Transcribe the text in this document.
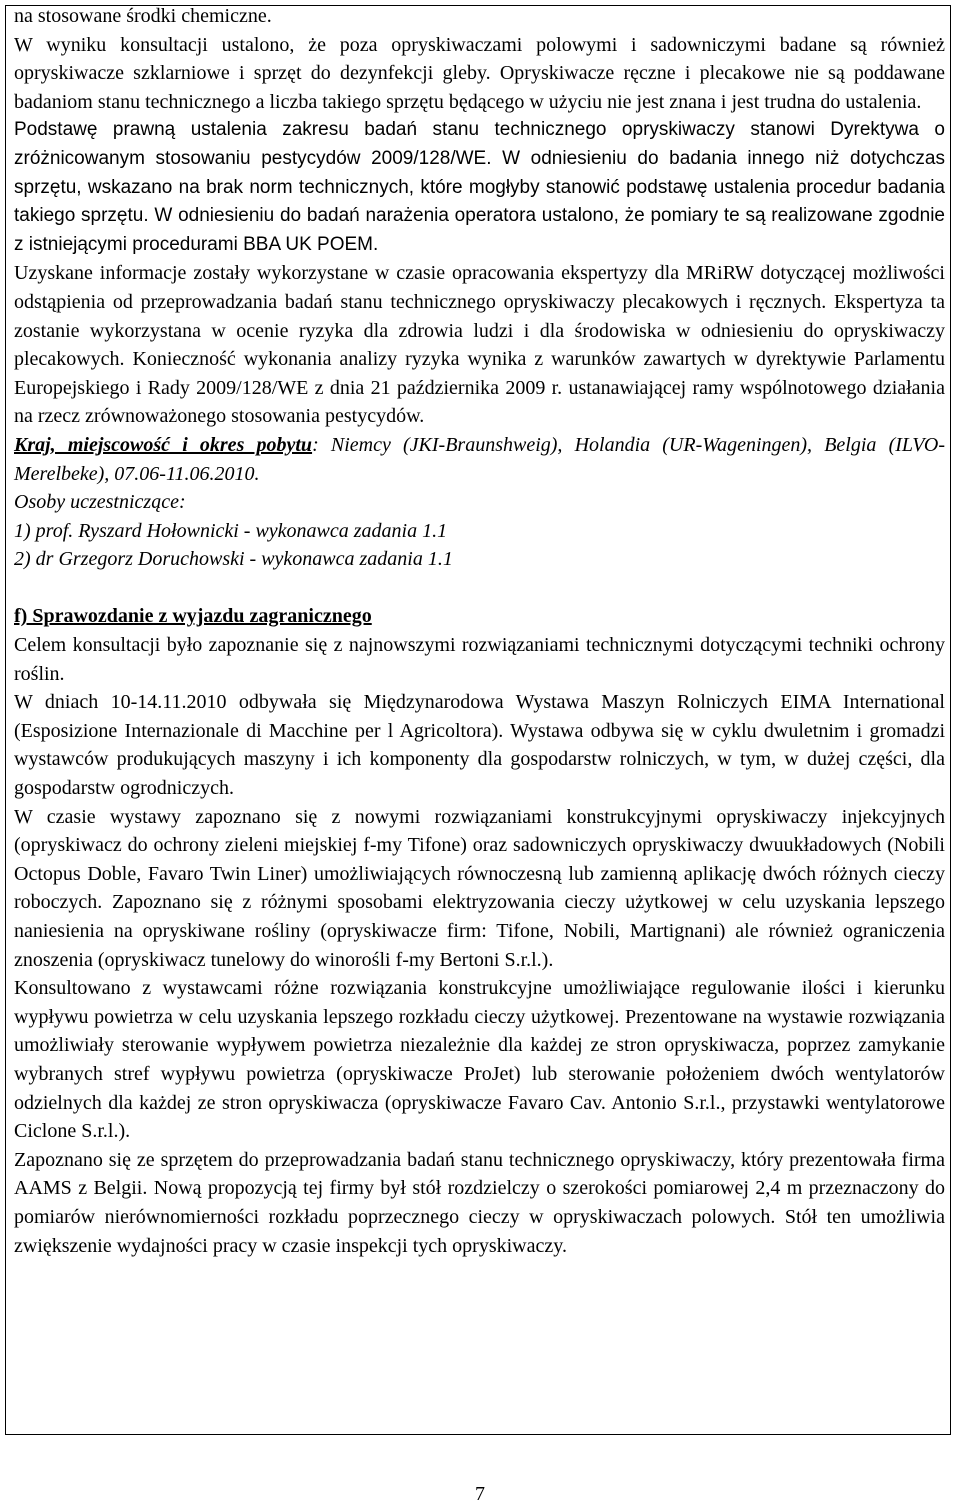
na stosowane środki chemiczne.

W wyniku konsultacji ustalono, że poza opryskiwaczami polowymi i sadowniczymi badane są również opryskiwacze szklarniowe i sprzęt do dezynfekcji gleby. Opryskiwacze ręczne i plecakowe nie są poddawane badaniom stanu technicznego a liczba takiego sprzętu będącego w użyciu nie jest znana i jest trudna do ustalenia.

Podstawę prawną ustalenia zakresu badań stanu technicznego opryskiwaczy stanowi Dyrektywa o zróżnicowanym stosowaniu pestycydów 2009/128/WE. W odniesieniu do badania innego niż dotychczas sprzętu, wskazano na brak norm technicznych, które mogłyby stanowić podstawę ustalenia procedur badania takiego sprzętu. W odniesieniu do badań narażenia operatora ustalono, że pomiary te są realizowane zgodnie z istniejącymi procedurami BBA UK POEM.

Uzyskane informacje zostały wykorzystane w czasie opracowania ekspertyzy dla MRiRW dotyczącej możliwości odstąpienia od przeprowadzania badań stanu technicznego opryskiwaczy plecakowych i ręcznych. Ekspertyza ta zostanie wykorzystana w ocenie ryzyka dla zdrowia ludzi i dla środowiska w odniesieniu do opryskiwaczy plecakowych. Konieczność wykonania analizy ryzyka wynika z warunków zawartych w dyrektywie Parlamentu Europejskiego i Rady 2009/128/WE z dnia 21 października 2009 r. ustanawiającej ramy wspólnotowego działania na rzecz zrównoważonego stosowania pestycydów.

Kraj, miejscowość i okres pobytu: Niemcy (JKI-Braunshweig), Holandia (UR-Wageningen), Belgia (ILVO-Merelbeke), 07.06-11.06.2010.

Osoby uczestniczące:

1) prof. Ryszard Hołownicki - wykonawca zadania 1.1

2) dr Grzegorz Doruchowski - wykonawca zadania 1.1

f) Sprawozdanie z wyjazdu zagranicznego

Celem konsultacji było zapoznanie się z najnowszymi rozwiązaniami technicznymi dotyczącymi techniki ochrony roślin.

W dniach 10-14.11.2010 odbywała się Międzynarodowa Wystawa Maszyn Rolniczych EIMA International (Esposizione Internazionale di Macchine per l Agricoltora). Wystawa odbywa się w cyklu dwuletnim i gromadzi wystawców produkujących maszyny i ich komponenty dla gospodarstw rolniczych, w tym, w dużej części, dla gospodarstw ogrodniczych.

W czasie wystawy zapoznano się z nowymi rozwiązaniami konstrukcyjnymi opryskiwaczy injekcyjnych (opryskiwacz do ochrony zieleni miejskiej f-my Tifone) oraz sadowniczych opryskiwaczy dwuukładowych (Nobili Octopus Doble, Favaro Twin Liner) umożliwiających równoczesną lub zamienną aplikację dwóch różnych cieczy roboczych. Zapoznano się z różnymi sposobami elektryzowania cieczy użytkowej w celu uzyskania lepszego naniesienia na opryskiwane rośliny (opryskiwacze firm: Tifone, Nobili, Martignani) ale również ograniczenia znoszenia (opryskiwacz tunelowy do winorośli f-my Bertoni S.r.l.).

Konsultowano z wystawcami różne rozwiązania konstrukcyjne umożliwiające regulowanie ilości i kierunku wypływu powietrza w celu uzyskania lepszego rozkładu cieczy użytkowej. Prezentowane na wystawie rozwiązania umożliwiały sterowanie wypływem powietrza niezależnie dla każdej ze stron opryskiwacza, poprzez zamykanie wybranych stref wypływu powietrza (opryskiwacze ProJet) lub sterowanie położeniem dwóch wentylatorów odzielnych dla każdej ze stron opryskiwacza (opryskiwacze Favaro Cav. Antonio S.r.l., przystawki wentylatorowe Ciclone S.r.l.).

Zapoznano się ze sprzętem do przeprowadzania badań stanu technicznego opryskiwaczy, który prezentowała firma AAMS z Belgii. Nową propozycją tej firmy był stół rozdzielczy o szerokości pomiarowej 2,4 m przeznaczony do pomiarów nierównomierności rozkładu poprzecznego cieczy w opryskiwaczach polowych. Stół ten umożliwia zwiększenie wydajności pracy w czasie inspekcji tych opryskiwaczy.

7
